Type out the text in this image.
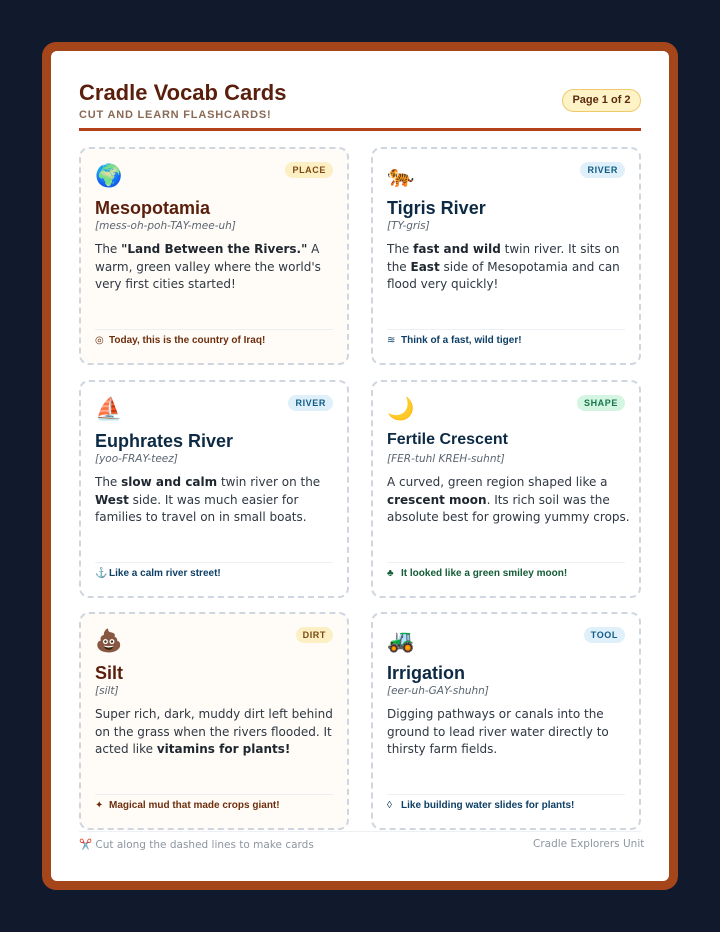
Cradle Vocab Cards
CUT AND LEARN FLASHCARDS!
Page 1 of 2
🌍	PLACE
Mesopotamia
[mess-oh-poh-TAY-mee-uh]
The "Land Between the Rivers." A warm, green valley where the world's very first cities started!
◎ Today, this is the country of Iraq!
🐅	RIVER
Tigris River
[TY-gris]
The fast and wild twin river. It sits on the East side of Mesopotamia and can flood very quickly!
≋ Think of a fast, wild tiger!
⛵	RIVER
Euphrates River
[yoo-FRAY-teez]
The slow and calm twin river on the West side. It was much easier for families to travel on in small boats.
⚓ Like a calm river street!
🌙	SHAPE
Fertile Crescent
[FER-tuhl KREH-suhnt]
A curved, green region shaped like a crescent moon. Its rich soil was the absolute best for growing yummy crops.
♣ It looked like a green smiley moon!
💩	DIRT
Silt
[silt]
Super rich, dark, muddy dirt left behind on the grass when the rivers flooded. It acted like vitamins for plants!
✦ Magical mud that made crops giant!
🚜	TOOL
Irrigation
[eer-uh-GAY-shuhn]
Digging pathways or canals into the ground to lead river water directly to thirsty farm fields.
◊ Like building water slides for plants!
✂️ Cut along the dashed lines to make cards	Cradle Explorers Unit
